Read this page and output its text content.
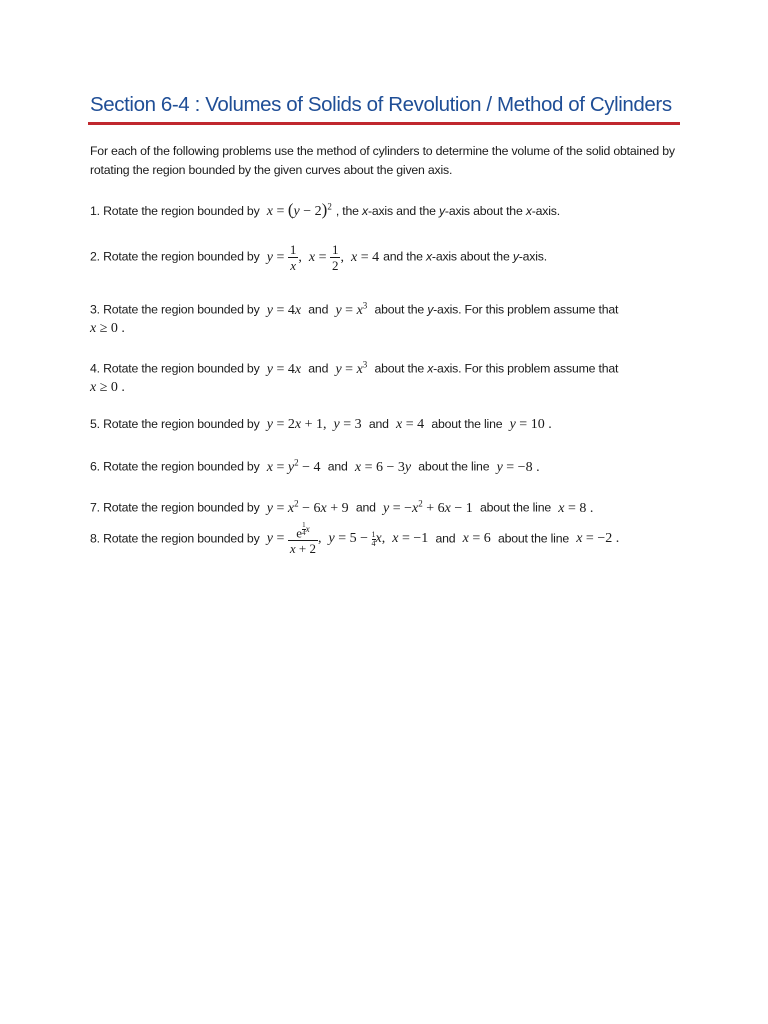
Section 6-4 : Volumes of Solids of Revolution / Method of Cylinders
For each of the following problems use the method of cylinders to determine the volume of the solid obtained by rotating the region bounded by the given curves about the given axis.
1. Rotate the region bounded by $x = (y - 2)^2$ , the x-axis and the y-axis about the x-axis.
2. Rotate the region bounded by $y = \frac{1}{x}$ ,  $x = \frac{1}{2}$ ,  x = 4 and the x-axis about the y-axis.
3. Rotate the region bounded by y = 4x and $y = x^3$ about the y-axis. For this problem assume that
x ≥ 0 .
4. Rotate the region bounded by y = 4x and $y = x^3$ about the x-axis. For this problem assume that
x ≥ 0 .
5. Rotate the region bounded by y = 2x + 1,  y = 3 and x = 4 about the line y = 10 .
6. Rotate the region bounded by $x = y^2 - 4$ and x = 6 − 3y about the line y = −8 .
7. Rotate the region bounded by $y = x^2 - 6x + 9$ and $y = -x^2 + 6x - 1$ about the line x = 8 .
8. Rotate the region bounded by y = e $^{\frac{1}{4} x}$
x + 2 ,  $y = 5 - \frac{1}{4} x$,  x = −1 and x = 6 about the line x = −2 .
